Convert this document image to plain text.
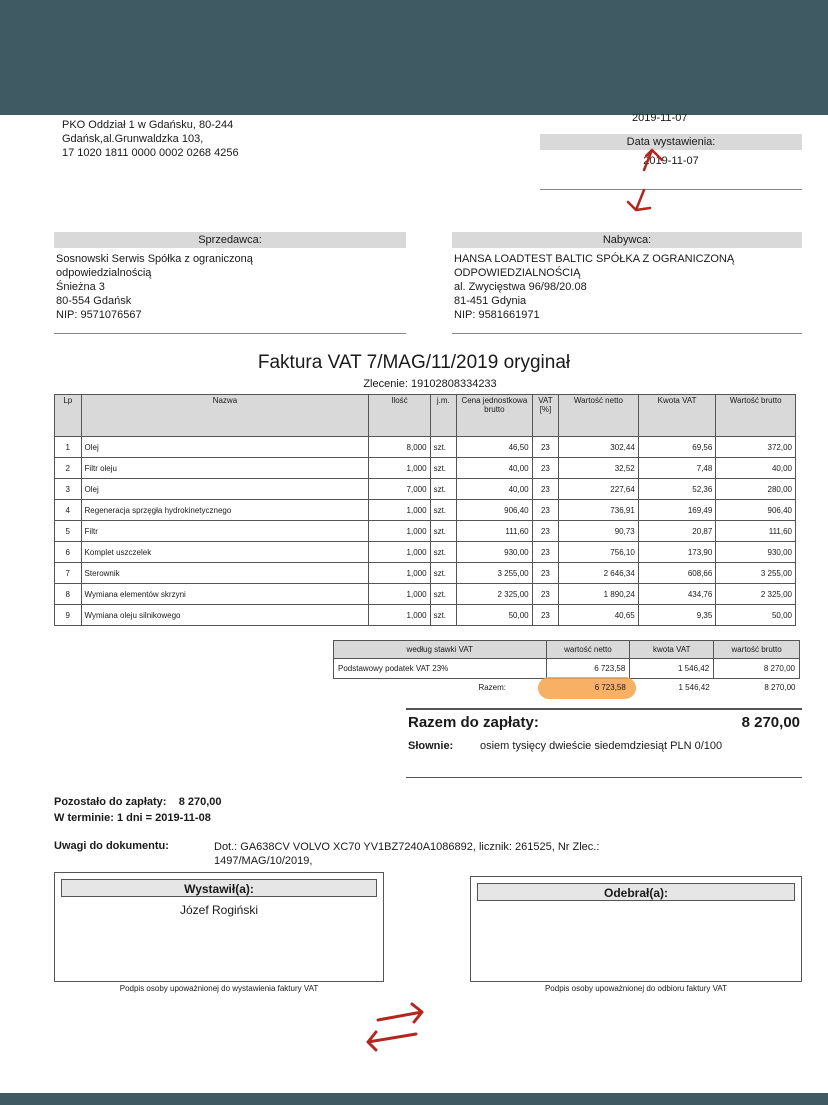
PKO Oddział 1 w Gdańsku, 80-244
Gdańsk,al.Grunwaldzka 103,
17 1020 1811 0000 0002 0268 4256
2019-11-07
Data wystawienia:
2019-11-07
Sprzedawca:
Sosnowski Serwis Spółka z ograniczoną
odpowiedzialnością
Śnieżna 3
80-554 Gdańsk
NIP: 9571076567
Nabywca:
HANSA LOADTEST BALTIC SPÓŁKA Z OGRANICZONĄ
ODPOWIEDZIALNOŚCIĄ
al. Zwycięstwa 96/98/20.08
81-451 Gdynia
NIP: 9581661971
Faktura VAT 7/MAG/11/2019 oryginał
Zlecenie: 19102808334233
Lp	Nazwa	Ilość	j.m.	Cena jednostkowa brutto	VAT [%]	Wartość netto	Kwota VAT	Wartość brutto
1	Olej	8,000	szt.	46,50	23	302,44	69,56	372,00
2	Filtr oleju	1,000	szt.	40,00	23	32,52	7,48	40,00
3	Olej	7,000	szt.	40,00	23	227,64	52,36	280,00
4	Regeneracja sprzęgła hydrokinetycznego	1,000	szt.	906,40	23	736,91	169,49	906,40
5	Filtr	1,000	szt.	111,60	23	90,73	20,87	111,60
6	Komplet uszczelek	1,000	szt.	930,00	23	756,10	173,90	930,00
7	Sterownik	1,000	szt.	3 255,00	23	2 646,34	608,66	3 255,00
8	Wymiana elementów skrzyni	1,000	szt.	2 325,00	23	1 890,24	434,76	2 325,00
9	Wymiana oleju silnikowego	1,000	szt.	50,00	23	40,65	9,35	50,00
według stawki VAT	wartość netto	kwota VAT	wartość brutto
Podstawowy podatek VAT 23%	6 723,58	1 546,42	8 270,00
Razem:	6 723,58	1 546,42	8 270,00
Razem do zapłaty:	8 270,00
Słownie: osiem tysięcy dwieście siedemdziesiąt PLN 0/100
Pozostało do zapłaty: 8 270,00
W terminie: 1 dni = 2019-11-08
Uwagi do dokumentu:	Dot.: GA638CV VOLVO XC70 YV1BZ7240A1086892, licznik: 261525, Nr Zlec.:
1497/MAG/10/2019,
Wystawił(a):
Józef Rogiński
Podpis osoby upoważnionej do wystawienia faktury VAT
Odebrał(a):
Podpis osoby upoważnionej do odbioru faktury VAT
